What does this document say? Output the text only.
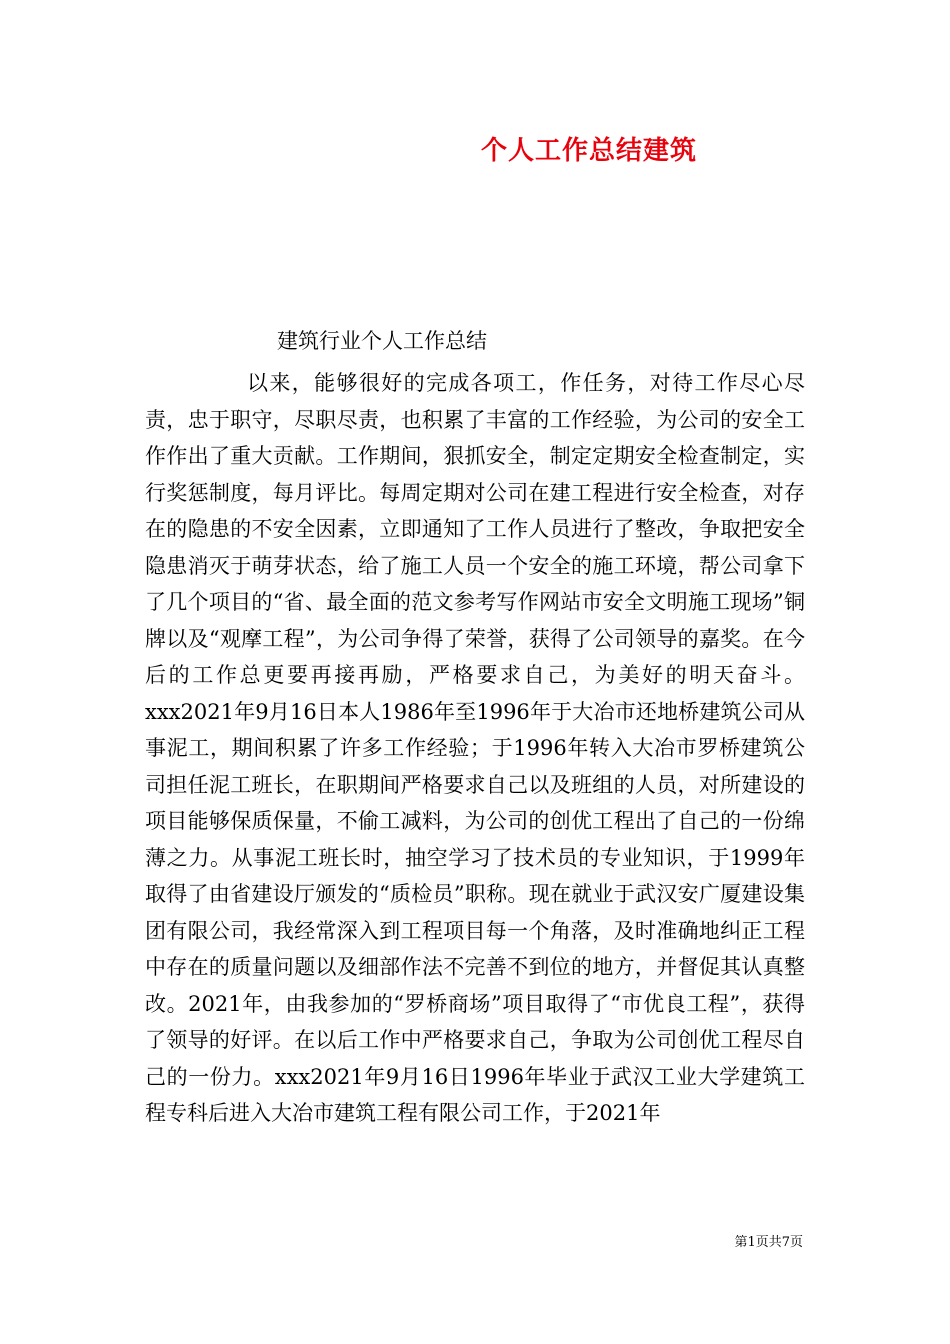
个人工作总结建筑
建筑行业个人工作总结

以来，能够很好的完成各项工，作任务，对待工作尽心尽责，忠于职守，尽职尽责，也积累了丰富的工作经验，为公司的安全工作作出了重大贡献。工作期间，狠抓安全，制定定期安全检查制定，实行奖惩制度，每月评比。每周定期对公司在建工程进行安全检查，对存在的隐患的不安全因素，立即通知了工作人员进行了整改，争取把安全隐患消灭于萌芽状态，给了施工人员一个安全的施工环境，帮公司拿下了几个项目的“省、最全面的范文参考写作网站市安全文明施工现场”铜牌以及“观摩工程”，为公司争得了荣誉，获得了公司领导的嘉奖。在今后的工作总更要再接再励，严格要求自己，为美好的明天奋斗。xxx2021年9月16日本人1986年至1996年于大冶市还地桥建筑公司从事泥工，期间积累了许多工作经验；于1996年转入大冶市罗桥建筑公司担任泥工班长，在职期间严格要求自己以及班组的人员，对所建设的项目能够保质保量，不偷工减料，为公司的创优工程出了自己的一份绵薄之力。从事泥工班长时，抽空学习了技术员的专业知识，于1999年取得了由省建设厅颁发的“质检员”职称。现在就业于武汉安广厦建设集团有限公司，我经常深入到工程项目每一个角落，及时准确地纠正工程中存在的质量问题以及细部作法不完善不到位的地方，并督促其认真整改。2021年，由我参加的“罗桥商场”项目取得了“市优良工程”，获得了领导的好评。在以后工作中严格要求自己，争取为公司创优工程尽自己的一份力。xxx2021年9月16日1996年毕业于武汉工业大学建筑工程专科后进入大冶市建筑工程有限公司工作，于2021年

第1页共7页
